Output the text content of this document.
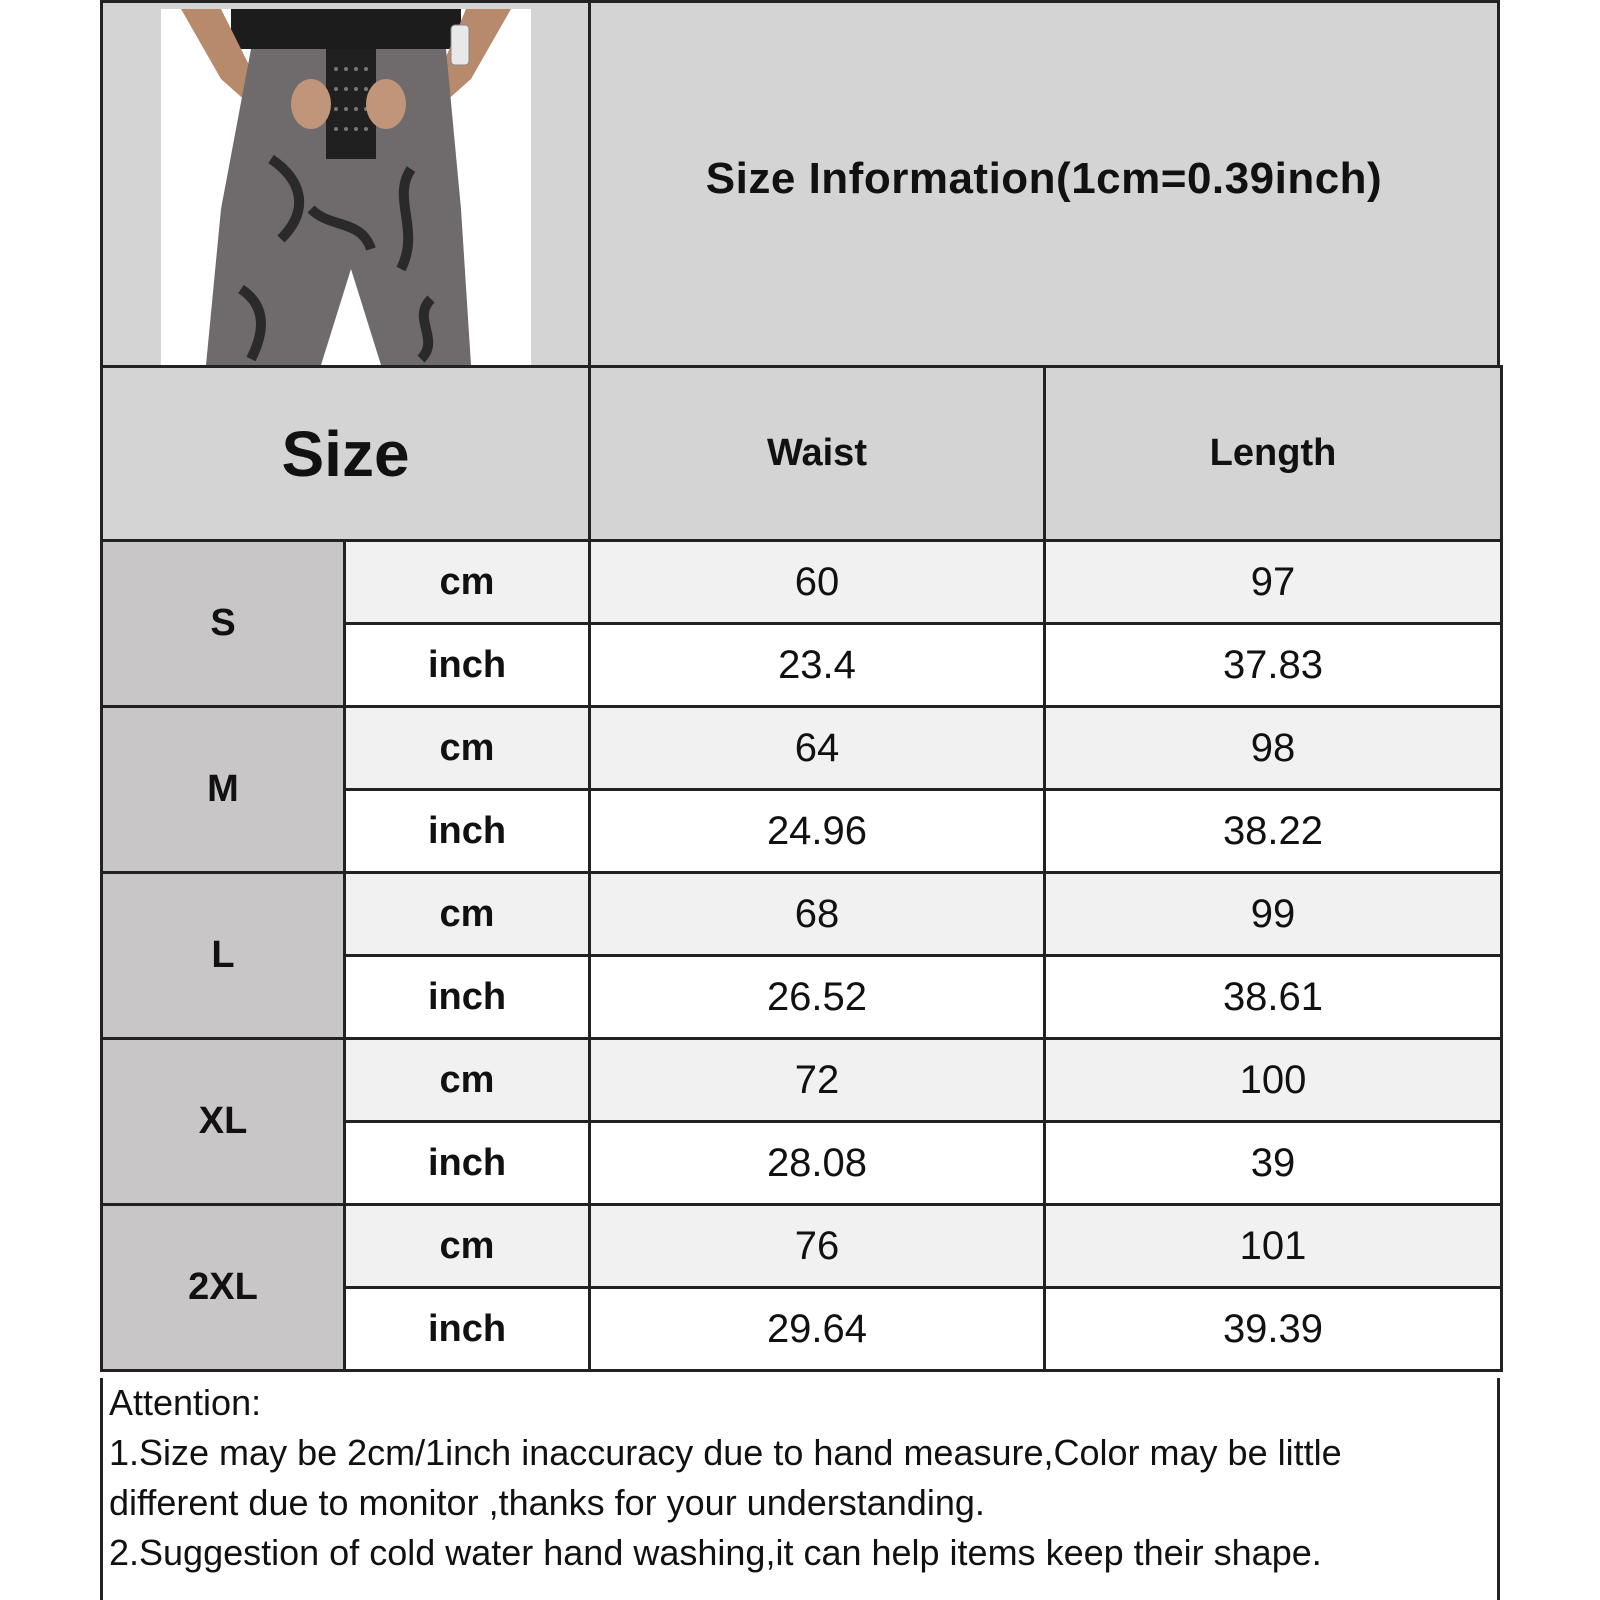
Size Information(1cm=0.39inch)
Size		Waist	Length
S	cm	60	97
	inch	23.4	37.83
M	cm	64	98
	inch	24.96	38.22
L	cm	68	99
	inch	26.52	38.61
XL	cm	72	100
	inch	28.08	39
2XL	cm	76	101
	inch	29.64	39.39
Attention:
1.Size may be 2cm/1inch inaccuracy due to hand measure,Color may be little
different due to monitor ,thanks for your understanding.
2.Suggestion of cold water hand washing,it can help items keep their shape.
